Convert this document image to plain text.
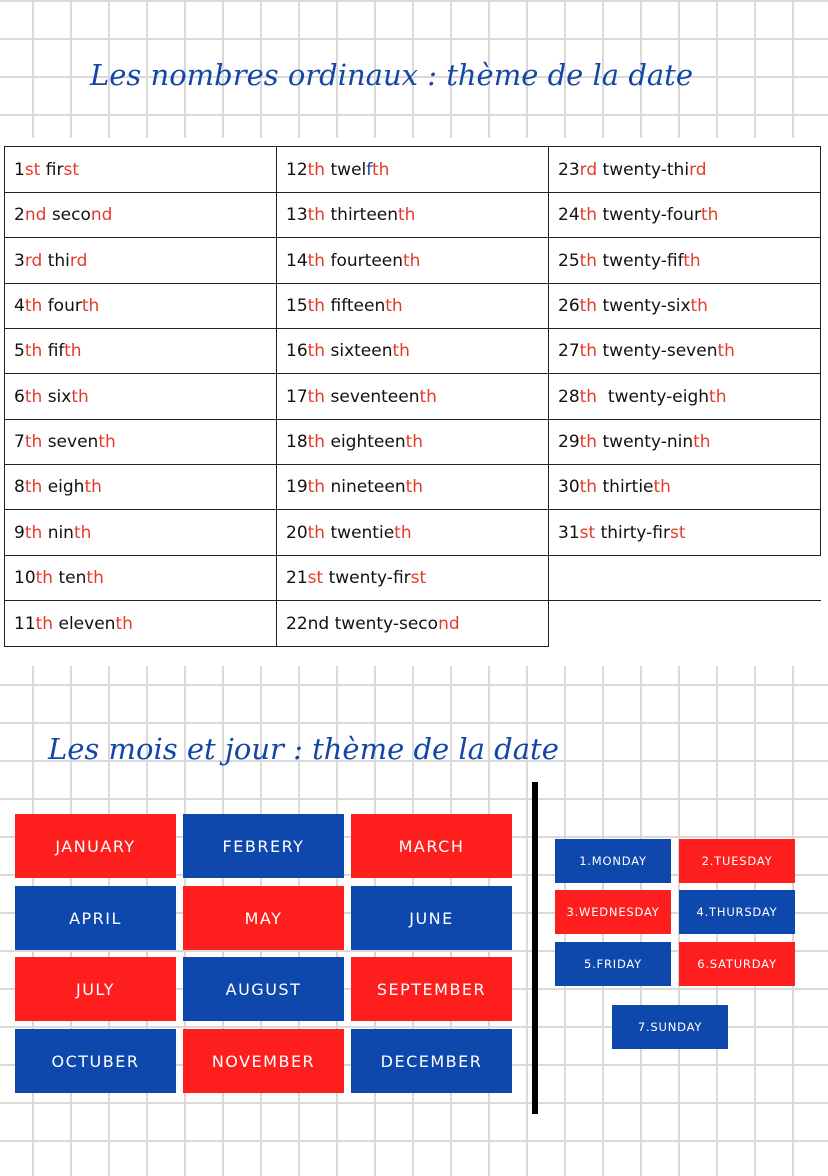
Les nombres ordinaux : thème de la date
1st first	12th twelfth	23rd twenty-third
2nd second	13th thirteenth	24th twenty-fourth
3rd third	14th fourteenth	25th twenty-fifth
4th fourth	15th fifteenth	26th twenty-sixth
5th fifth	16th sixteenth	27th twenty-seventh
6th sixth	17th seventeenth	28th twenty-eighth
7th seventh	18th eighteenth	29th twenty-ninth
8th eighth	19th nineteenth	30th thirtieth
9th ninth	20th twentieth	31st thirty-first
10th tenth	21st twenty-first	
11th eleventh	22nd twenty-second	
Les mois et jour : thème de la date
JANUARY	FEBRERY	MARCH
APRIL	MAY	JUNE
JULY	AUGUST	SEPTEMBER
OCTUBER	NOVEMBER	DECEMBER
1.MONDAY	2.TUESDAY
3.WEDNESDAY	4.THURSDAY
5.FRIDAY	6.SATURDAY
7.SUNDAY
